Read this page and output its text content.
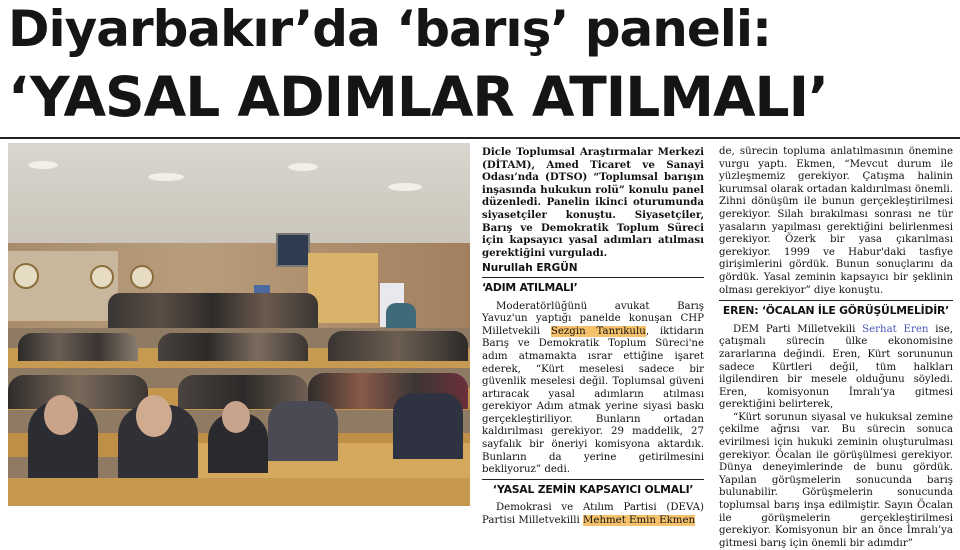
Diyarbakır’da ‘barış’ paneli:
‘YASAL ADIMLAR ATILMALI’

Dicle Toplumsal Araştırmalar Merkezi (DİTAM), Amed Ticaret ve Sanayi Odası’nda (DTSO) “Toplumsal barışın inşasında hukukun rolü” konulu panel düzenledi. Panelin ikinci oturumunda siyasetçiler konuştu. Siyasetçiler, Barış ve Demokratik Toplum Süreci için kapsayıcı yasal adımları atılması gerektiğini vurguladı.

Nurullah ERGÜN

‘ADIM ATILMALI’

Moderatörlüğünü avukat Barış Yavuz'un yaptığı panelde konuşan CHP Milletvekili Sezgin Tanrıkulu, iktidarın Barış ve Demokratik Toplum Süreci'ne adım atmamakta ısrar ettiğine işaret ederek, “Kürt meselesi sadece bir güvenlik meselesi değil. Toplumsal güveni artıracak yasal adımların atılması gerekiyor Adım atmak yerine siyasi baskı gerçekleştiriliyor. Bunların ortadan kaldırılması gerekiyor. 29 maddelik, 27 sayfalık bir öneriyi komisyona aktardık. Bunların da yerine getirilmesini bekliyoruz” dedi.

‘YASAL ZEMİN KAPSAYICI OLMALI’

Demokrasi ve Atılım Partisi (DEVA) Partisi Milletvekilli Mehmet Emin Ekmen

de, sürecin topluma anlatılmasının önemine vurgu yaptı. Ekmen, “Mevcut durum ile yüzleşmemiz gerekiyor. Çatışma halinin kurumsal olarak ortadan kaldırılması önemli. Zihni dönüşüm ile bunun gerçekleştirilmesi gerekiyor. Silah bırakılması sonrası ne tür yasaların yapılması gerektiğini belirlenmesi gerekiyor. Özerk bir yasa çıkarılması gerekiyor. 1999 ve Habur'daki tasfiye girişimlerini gördük. Bunun sonuçlarını da gördük. Yasal zeminin kapsayıcı bir şeklinin olması gerekiyor” diye konuştu.

EREN: ‘ÖCALAN İLE GÖRÜŞÜLMELİDİR’

DEM Parti Milletvekili Serhat Eren ise, çatışmalı sürecin ülke ekonomisine zararlarına değindi. Eren, Kürt sorununun sadece Kürtleri değil, tüm halkları ilgilendiren bir mesele olduğunu söyledi. Eren, komisyonun İmralı’ya gitmesi gerektiğini belirterek,

“Kürt sorunun siyasal ve hukuksal zemine çekilme ağrısı var. Bu sürecin sonuca evirilmesi için hukuki zeminin oluşturulması gerekiyor. Öcalan ile görüşülmesi gerekiyor. Dünya deneyimlerinde de bunu gördük. Yapılan görüşmelerin sonucunda barış bulunabilir. Görüşmelerin sonucunda toplumsal barış inşa edilmiştir. Sayın Öcalan ile görüşmelerin gerçekleştirilmesi gerekiyor. Komisyonun bir an önce İmralı’ya gitmesi barış için önemli bir adımdır”
